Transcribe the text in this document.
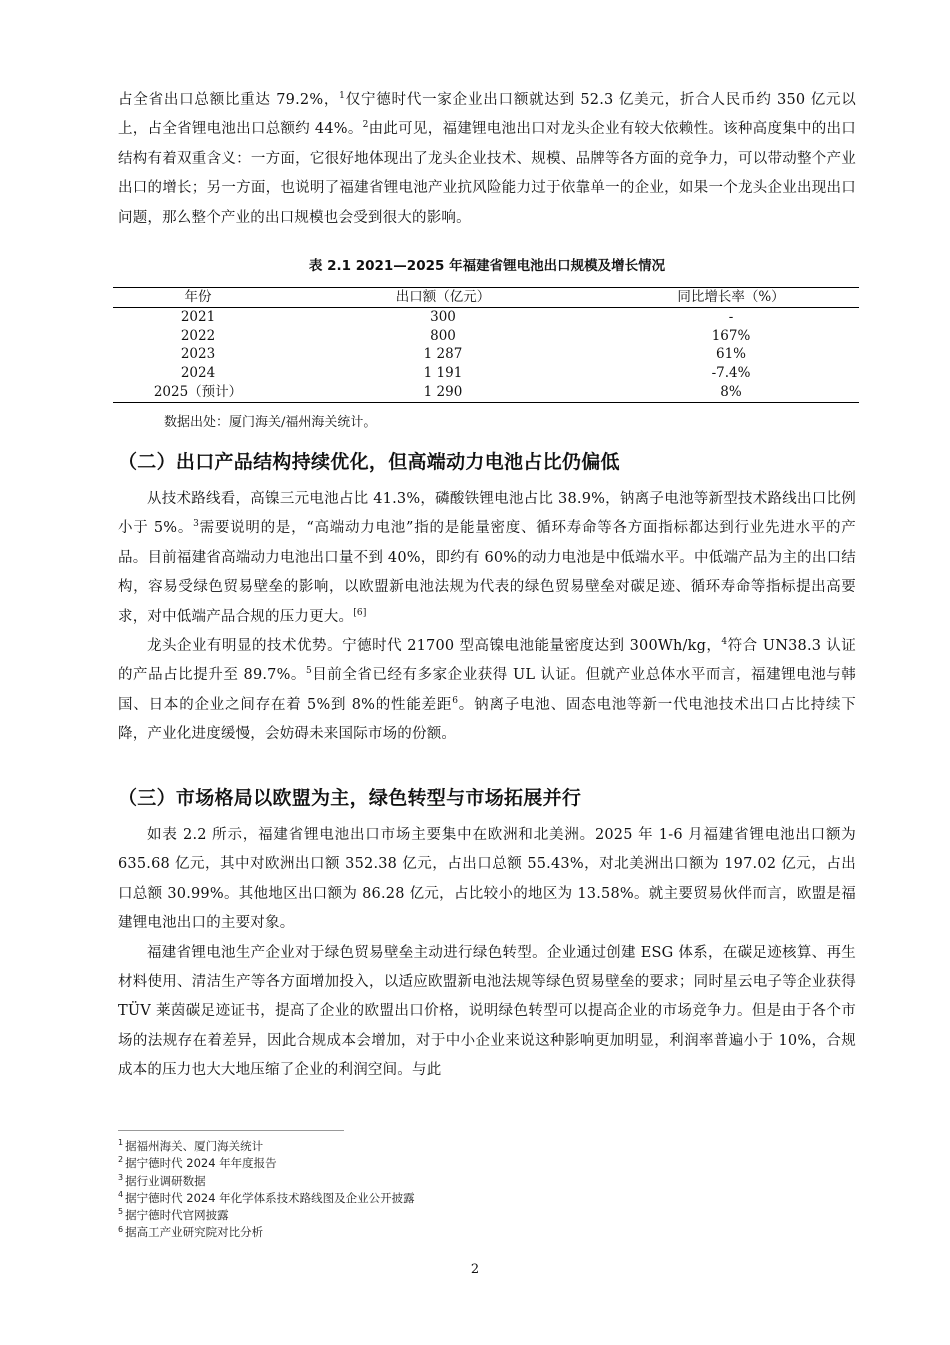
占全省出口总额比重达 79.2%，$^1$仅宁德时代一家企业出口额就达到 52.3 亿美元，折合人民币约 350 亿元以上，占全省锂电池出口总额约 44%。$^2$由此可见，福建锂电池出口对龙头企业有较大依赖性。该种高度集中的出口结构有着双重含义：一方面，它很好地体现出了龙头企业技术、规模、品牌等各方面的竞争力，可以带动整个产业出口的增长；另一方面，也说明了福建省锂电池产业抗风险能力过于依靠单一的企业，如果一个龙头企业出现出口问题，那么整个产业的出口规模也会受到很大的影响。

表 2.1 2021—2025 年福建省锂电池出口规模及增长情况
年份	出口额（亿元）	同比增长率（%）
2021	300	-
2022	800	167%
2023	1 287	61%
2024	1 191	-7.4%
2025（预计）	1 290	8%
数据出处：厦门海关/福州海关统计。
（二）出口产品结构持续优化，但高端动力电池占比仍偏低

从技术路线看，高镍三元电池占比 41.3%，磷酸铁锂电池占比 38.9%，钠离子电池等新型技术路线出口比例小于 5%。$^3$需要说明的是，“高端动力电池”指的是能量密度、循环寿命等各方面指标都达到行业先进水平的产品。目前福建省高端动力电池出口量不到 40%，即约有 60%的动力电池是中低端水平。中低端产品为主的出口结构，容易受绿色贸易壁垒的影响，以欧盟新电池法规为代表的绿色贸易壁垒对碳足迹、循环寿命等指标提出高要求，对中低端产品合规的压力更大。[6]

龙头企业有明显的技术优势。宁德时代 21700 型高镍电池能量密度达到 300Wh/kg，$^4$符合 UN38.3 认证的产品占比提升至 89.7%。$^5$目前全省已经有多家企业获得 UL 认证。但就产业总体水平而言，福建锂电池与韩国、日本的企业之间存在着 5%到 8%的性能差距$^6$。钠离子电池、固态电池等新一代电池技术出口占比持续下降，产业化进度缓慢，会妨碍未来国际市场的份额。

（三）市场格局以欧盟为主，绿色转型与市场拓展并行

如表 2.2 所示，福建省锂电池出口市场主要集中在欧洲和北美洲。2025 年 1-6 月福建省锂电池出口额为 635.68 亿元，其中对欧洲出口额 352.38 亿元，占出口总额 55.43%，对北美洲出口额为 197.02 亿元，占出口总额 30.99%。其他地区出口额为 86.28 亿元，占比较小的地区为 13.58%。就主要贸易伙伴而言，欧盟是福建锂电池出口的主要对象。

福建省锂电池生产企业对于绿色贸易壁垒主动进行绿色转型。企业通过创建 ESG 体系，在碳足迹核算、再生材料使用、清洁生产等各方面增加投入，以适应欧盟新电池法规等绿色贸易壁垒的要求；同时星云电子等企业获得 TÜV 莱茵碳足迹证书，提高了企业的欧盟出口价格，说明绿色转型可以提高企业的市场竞争力。但是由于各个市场的法规存在着差异，因此合规成本会增加，对于中小企业来说这种影响更加明显，利润率普遍小于 10%，合规成本的压力也大大地压缩了企业的利润空间。与此

$^1$ 据福州海关、厦门海关统计
$^2$ 据宁德时代 2024 年年度报告
$^3$ 据行业调研数据
$^4$ 据宁德时代 2024 年化学体系技术路线图及企业公开披露
$^5$ 据宁德时代官网披露
$^6$ 据高工产业研究院对比分析
2
